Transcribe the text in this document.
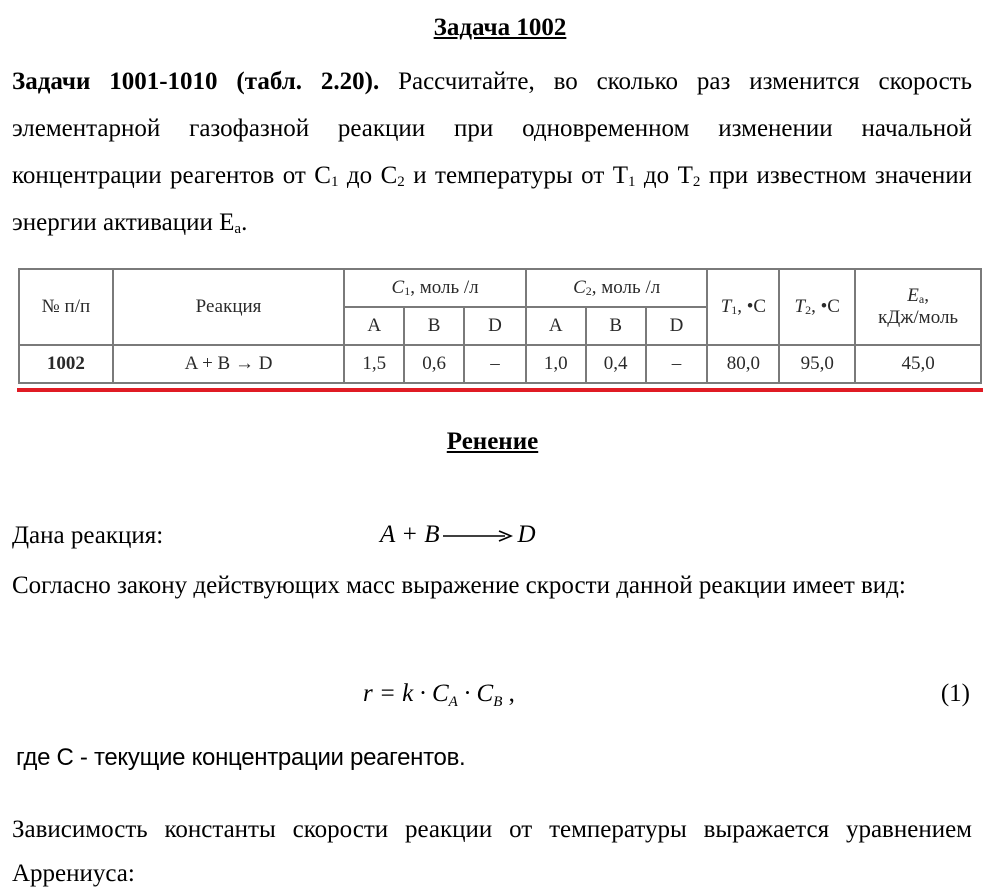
Задача 1002
Задачи 1001-1010 (табл. 2.20). Рассчитайте, во сколько раз изменится скорость элементарной газофазной реакции при одновременном изменении начальной концентрации реагентов от $C_1$ до $C_2$ и температуры от $T_1$ до $T_2$ при известном значении энергии активации $E_a$.
№ п/п	Реакция	$C_1$, моль /л			$C_2$, моль /л			$T_1$, •C	$T_2$, •C	$E_a$,
кДж/моль
		A	B	D	A	B	D			
1002	A + B → D	1,5	0,6	–	1,0	0,4	–	80,0	95,0	45,0
Ренение
Дана реакция:	A + B → D
Согласно закону действующих масс выражение скрости данной реакции имеет вид:
$r = k \cdot C_A \cdot C_B$ ,	(1)
где С - текущие концентрации реагентов.
Зависимость константы скорости реакции от температуры выражается уравнением Аррениуса:
